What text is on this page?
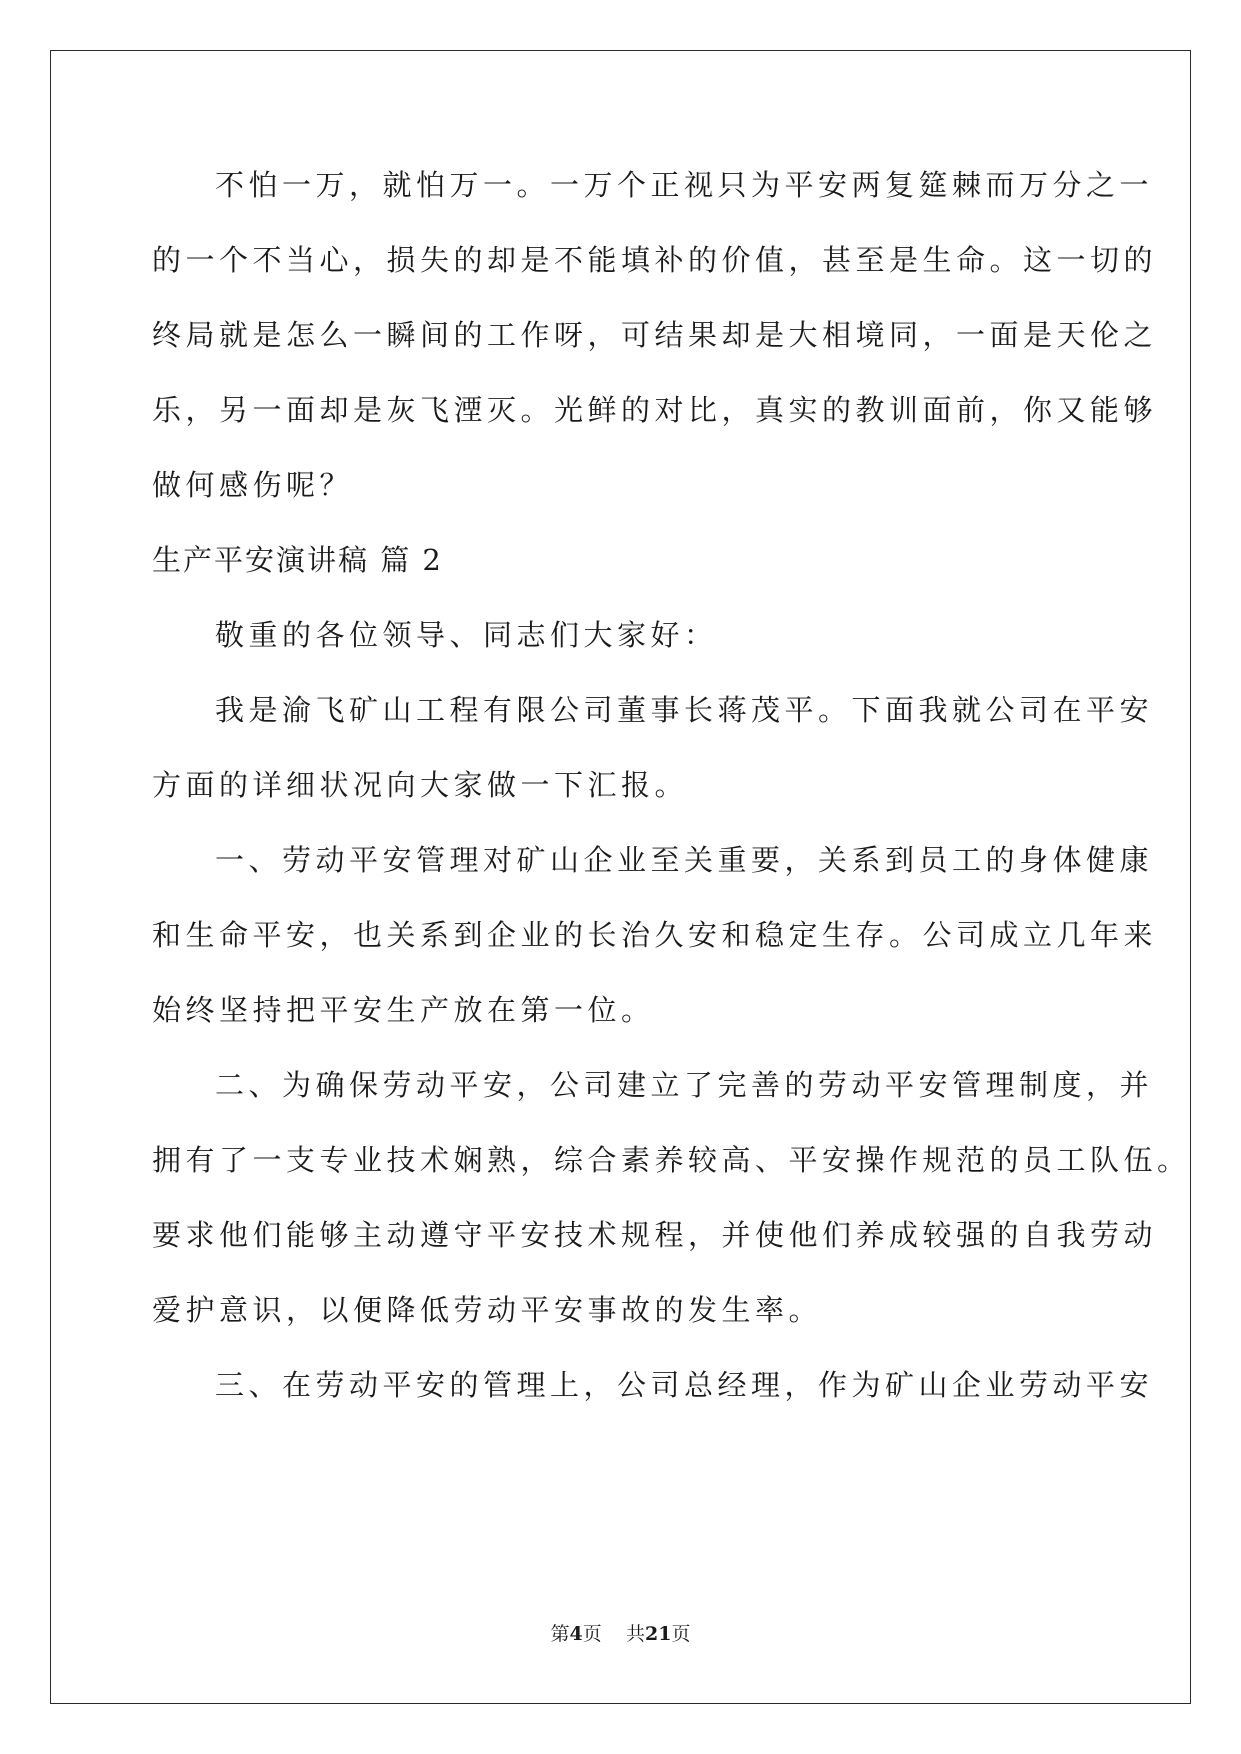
不怕一万，就怕万一。一万个正视只为平安两复筵棘而万分之一
的一个不当心，损失的却是不能填补的价值，甚至是生命。这一切的
终局就是怎么一瞬间的工作呀，可结果却是大相境同，一面是天伦之
乐，另一面却是灰飞湮灭。光鲜的对比，真实的教训面前，你又能够
做何感伤呢？
生产平安演讲稿 篇 2
敬重的各位领导、同志们大家好：
我是渝飞矿山工程有限公司董事长蒋茂平。下面我就公司在平安
方面的详细状况向大家做一下汇报。
一、劳动平安管理对矿山企业至关重要，关系到员工的身体健康
和生命平安，也关系到企业的长治久安和稳定生存。公司成立几年来
始终坚持把平安生产放在第一位。
二、为确保劳动平安，公司建立了完善的劳动平安管理制度，并
拥有了一支专业技术娴熟，综合素养较高、平安操作规范的员工队伍。
要求他们能够主动遵守平安技术规程，并使他们养成较强的自我劳动
爱护意识，以便降低劳动平安事故的发生率。
三、在劳动平安的管理上，公司总经理，作为矿山企业劳动平安
第4页 共21页
